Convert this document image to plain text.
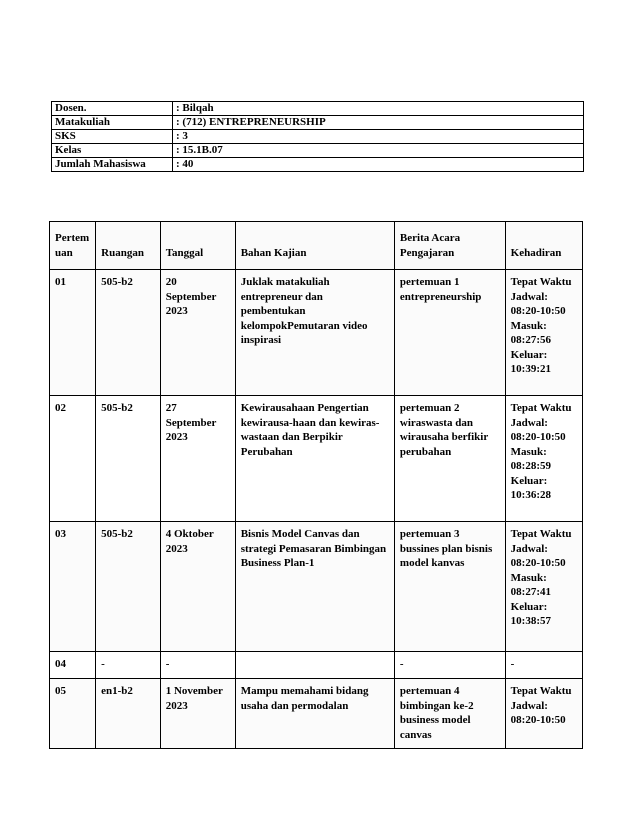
Dosen.	: Bilqah
Matakuliah	: (712) ENTREPRENEURSHIP
SKS	: 3
Kelas	: 15.1B.07
Jumlah Mahasiswa	: 40
Pertem uan	Ruangan	Tanggal	Bahan Kajian	Berita Acara Pengajaran	Kehadiran
01	505-b2	20 September 2023	Juklak matakuliah entrepreneur dan pembentukan kelompokPemutaran video inspirasi	pertemuan 1 entrepreneurship	Tepat Waktu Jadwal: 08:20-10:50 Masuk: 08:27:56 Keluar: 10:39:21
02	505-b2	27 September 2023	Kewirausahaan Pengertian kewirausa-haan dan kewiras-wastaan dan Berpikir Perubahan	pertemuan 2 wiraswasta dan wirausaha berfikir perubahan	Tepat Waktu Jadwal: 08:20-10:50 Masuk: 08:28:59 Keluar: 10:36:28
03	505-b2	4 Oktober 2023	Bisnis Model Canvas dan strategi Pemasaran Bimbingan Business Plan-1	pertemuan 3 bussines plan bisnis model kanvas	Tepat Waktu Jadwal: 08:20-10:50 Masuk: 08:27:41 Keluar: 10:38:57
04	-	-		-	-
05	en1-b2	1 November 2023	Mampu memahami bidang usaha dan permodalan	pertemuan 4 bimbingan ke-2 business model canvas	Tepat Waktu Jadwal: 08:20-10:50
